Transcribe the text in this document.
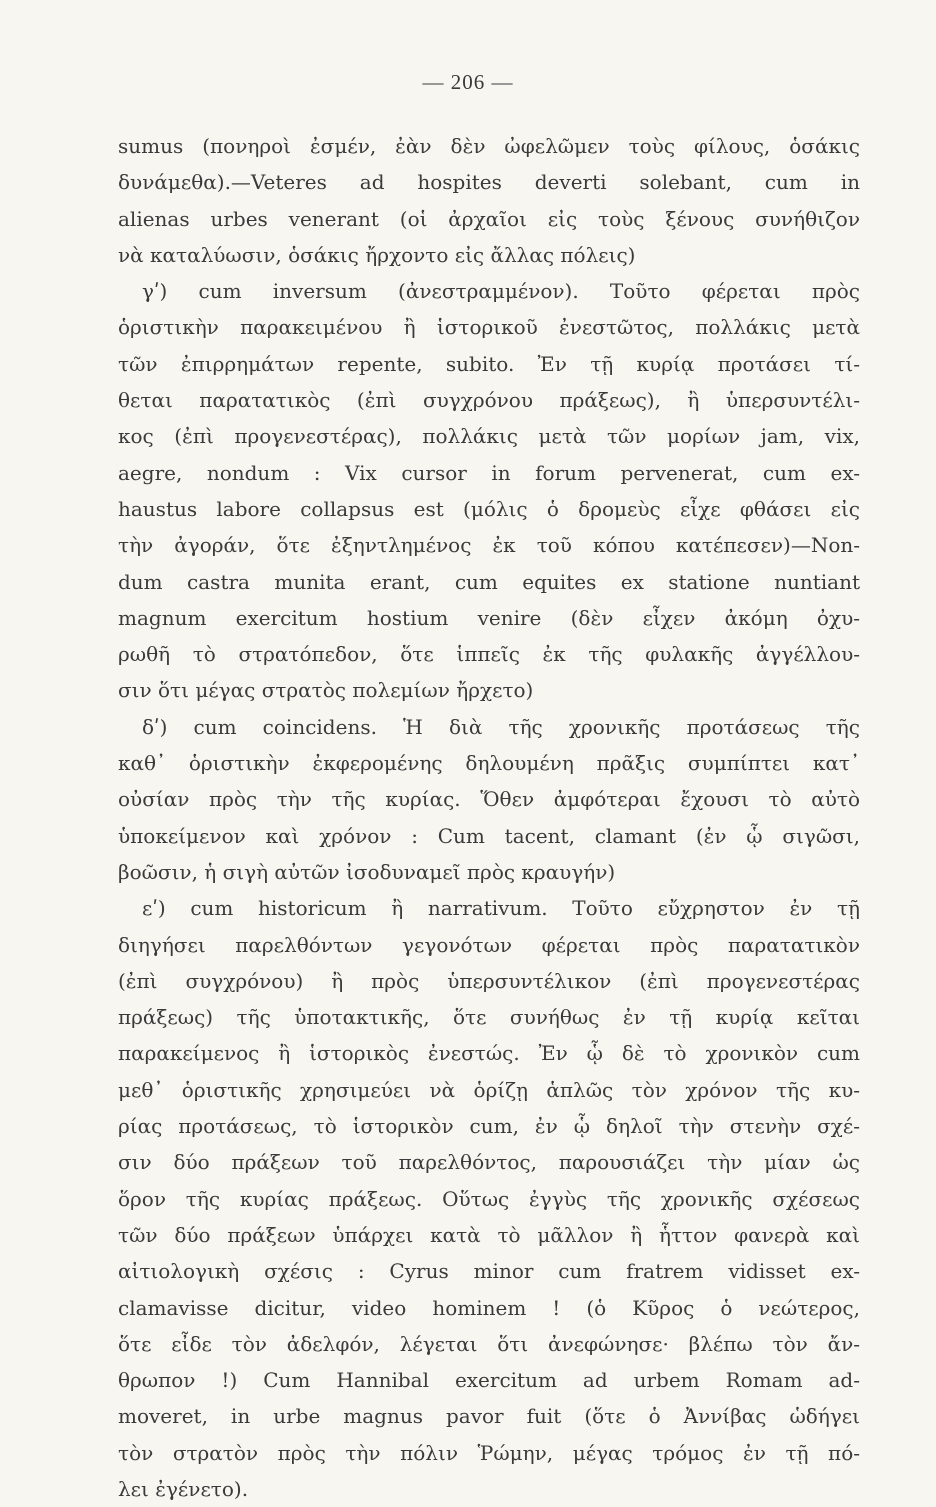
— 206 —
sumus (πονηροὶ ἐσμέν, ἐὰν δὲν ὠφελῶμεν τοὺς φίλους, ὁσάκις
δυνάμεθα).—Veteres ad hospites deverti solebant, cum in
alienas urbes venerant (οἱ ἀρχαῖοι εἰς τοὺς ξένους συνήθιζον
νὰ καταλύωσιν, ὁσάκις ἤρχοντο εἰς ἄλλας πόλεις)
γʹ) cum inversum (ἀνεστραμμένον). Τοῦτο φέρεται πρὸς
ὁριστικὴν παρακειμένου ἢ ἱστορικοῦ ἐνεστῶτος, πολλάκις μετὰ
τῶν ἐπιρρημάτων repente, subito. Ἐν τῇ κυρίᾳ προτάσει τί-
θεται παρατατικὸς (ἐπὶ συγχρόνου πράξεως), ἢ ὑπερσυντέλι-
κος (ἐπὶ προγενεστέρας), πολλάκις μετὰ τῶν μορίων jam, vix,
aegre, nondum : Vix cursor in forum pervenerat, cum ex-
haustus labore collapsus est (μόλις ὁ δρομεὺς εἶχε φθάσει εἰς
τὴν ἀγοράν, ὅτε ἐξηντλημένος ἐκ τοῦ κόπου κατέπεσεν)—Non-
dum castra munita erant, cum equites ex statione nuntiant
magnum exercitum hostium venire (δὲν εἶχεν ἀκόμη ὀχυ-
ρωθῆ τὸ στρατόπεδον, ὅτε ἱππεῖς ἐκ τῆς φυλακῆς ἀγγέλλου-
σιν ὅτι μέγας στρατὸς πολεμίων ἤρχετο)
δʹ) cum coincidens. Ἡ διὰ τῆς χρονικῆς προτάσεως τῆς
καθ᾽ ὁριστικὴν ἐκφερομένης δηλουμένη πρᾶξις συμπίπτει κατ᾽
οὐσίαν πρὸς τὴν τῆς κυρίας. Ὅθεν ἀμφότεραι ἔχουσι τὸ αὐτὸ
ὑποκείμενον καὶ χρόνον : Cum tacent, clamant (ἐν ᾧ σιγῶσι,
βοῶσιν, ἡ σιγὴ αὐτῶν ἰσοδυναμεῖ πρὸς κραυγήν)
εʹ) cum historicum ἢ narrativum. Τοῦτο εὔχρηστον ἐν τῇ
διηγήσει παρελθόντων γεγονότων φέρεται πρὸς παρατατικὸν
(ἐπὶ συγχρόνου) ἢ πρὸς ὑπερσυντέλικον (ἐπὶ προγενεστέρας
πράξεως) τῆς ὑποτακτικῆς, ὅτε συνήθως ἐν τῇ κυρίᾳ κεῖται
παρακείμενος ἢ ἱστορικὸς ἐνεστώς. Ἐν ᾧ δὲ τὸ χρονικὸν cum
μεθ᾽ ὁριστικῆς χρησιμεύει νὰ ὁρίζῃ ἁπλῶς τὸν χρόνον τῆς κυ-
ρίας προτάσεως, τὸ ἱστορικὸν cum, ἐν ᾧ δηλοῖ τὴν στενὴν σχέ-
σιν δύο πράξεων τοῦ παρελθόντος, παρουσιάζει τὴν μίαν ὡς
ὅρον τῆς κυρίας πράξεως. Οὕτως ἐγγὺς τῆς χρονικῆς σχέσεως
τῶν δύο πράξεων ὑπάρχει κατὰ τὸ μᾶλλον ἢ ἧττον φανερὰ καὶ
αἰτιολογικὴ σχέσις : Cyrus minor cum fratrem vidisset ex-
clamavisse dicitur, video hominem ! (ὁ Κῦρος ὁ νεώτερος,
ὅτε εἶδε τὸν ἀδελφόν, λέγεται ὅτι ἀνεφώνησε· βλέπω τὸν ἄν-
θρωπον !) Cum Hannibal exercitum ad urbem Romam ad-
moveret, in urbe magnus pavor fuit (ὅτε ὁ Ἀννίβας ὡδήγει
τὸν στρατὸν πρὸς τὴν πόλιν Ῥώμην, μέγας τρόμος ἐν τῇ πό-
λει ἐγένετο).
